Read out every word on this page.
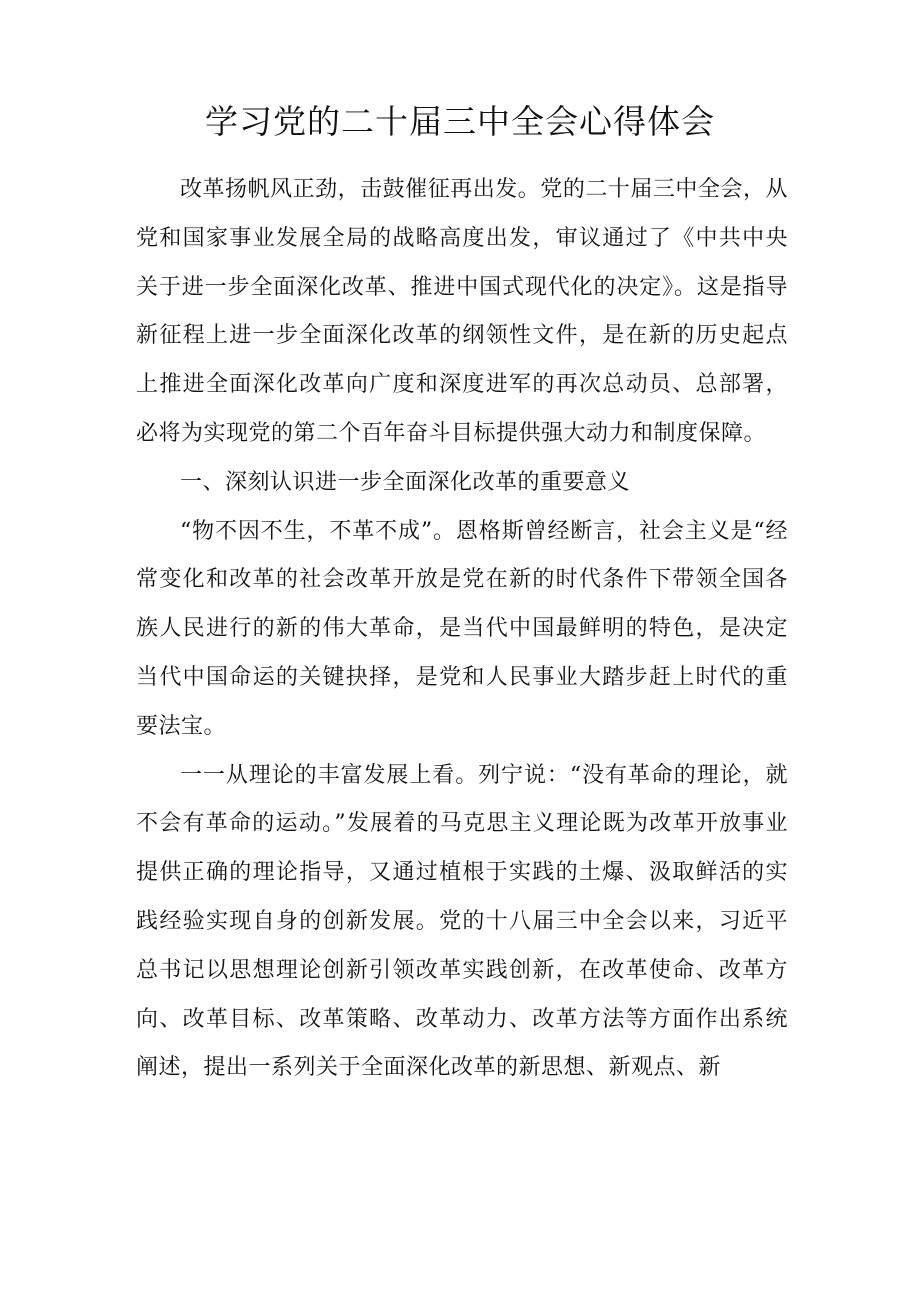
学习党的二十届三中全会心得体会

改革扬帆风正劲，击鼓催征再出发。党的二十届三中全会，从党和国家事业发展全局的战略高度出发，审议通过了《中共中央关于进一步全面深化改革、推进中国式现代化的决定》。这是指导新征程上进一步全面深化改革的纲领性文件，是在新的历史起点上推进全面深化改革向广度和深度进军的再次总动员、总部署，必将为实现党的第二个百年奋斗目标提供强大动力和制度保障。

一、深刻认识进一步全面深化改革的重要意义

“物不因不生，不革不成”。恩格斯曾经断言，社会主义是“经常变化和改革的社会改革开放是党在新的时代条件下带领全国各族人民进行的新的伟大革命，是当代中国最鲜明的特色，是决定当代中国命运的关键抉择，是党和人民事业大踏步赶上时代的重要法宝。

一一从理论的丰富发展上看。列宁说：“没有革命的理论，就不会有革命的运动。”发展着的马克思主义理论既为改革开放事业提供正确的理论指导，又通过植根于实践的土爆、汲取鲜活的实践经验实现自身的创新发展。党的十八届三中全会以来，习近平总书记以思想理论创新引领改革实践创新，在改革使命、改革方向、改革目标、改革策略、改革动力、改革方法等方面作出系统阐述，提出一系列关于全面深化改革的新思想、新观点、新
